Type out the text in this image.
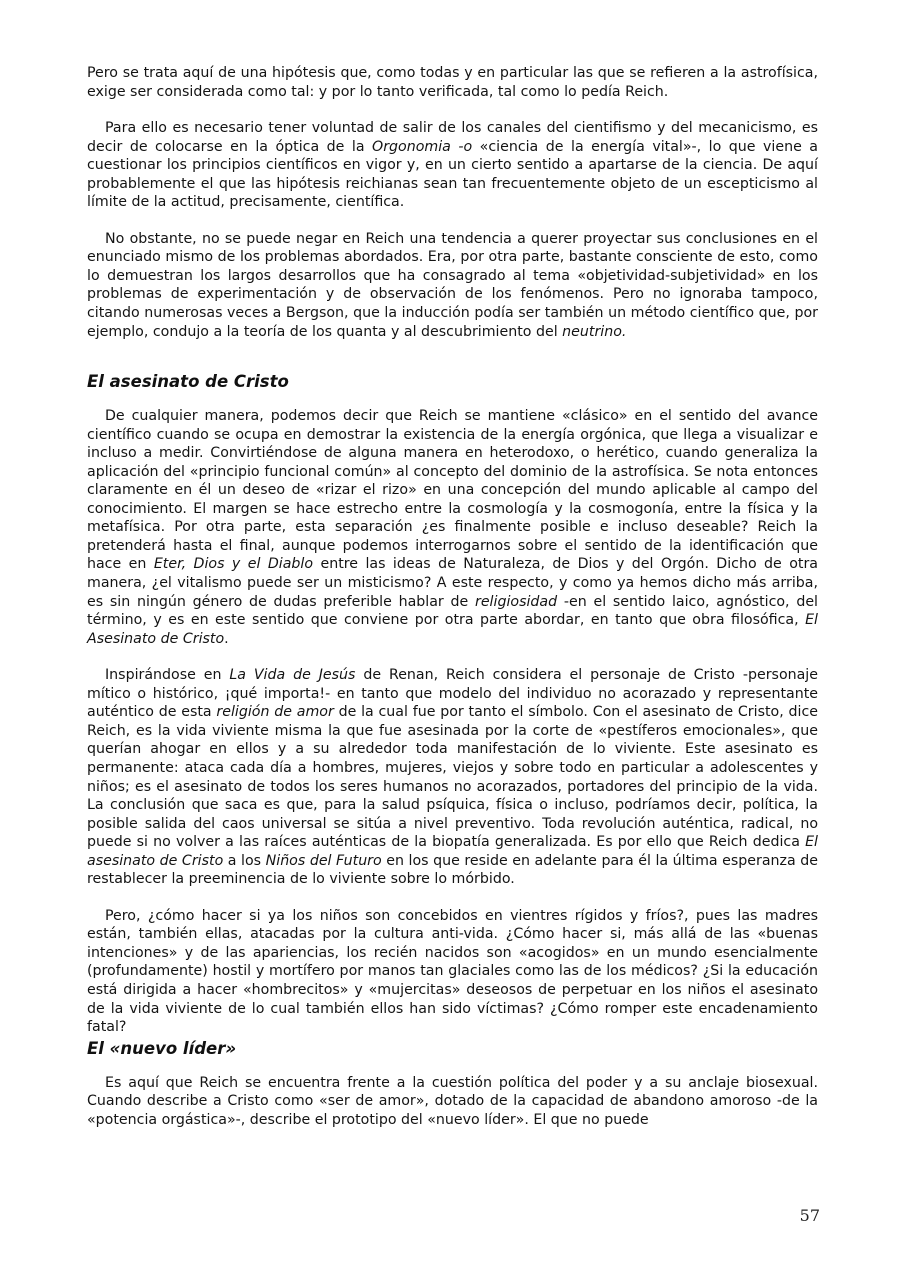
Pero se trata aquí de una hipótesis que, como todas y en particular las que se refieren a la astrofísica, exige ser considerada como tal: y por lo tanto verificada, tal como lo pedía Reich.

Para ello es necesario tener voluntad de salir de los canales del cientifismo y del mecanicismo, es decir de colocarse en la óptica de la Orgonomia -o «ciencia de la energía vital»-, lo que viene a cuestionar los principios científicos en vigor y, en un cierto sentido a apartarse de la ciencia. De aquí probablemente el que las hipótesis reichianas sean tan frecuentemente objeto de un escepticismo al límite de la actitud, precisamente, científica.

No obstante, no se puede negar en Reich una tendencia a querer proyectar sus conclusiones en el enunciado mismo de los problemas abordados. Era, por otra parte, bastante consciente de esto, como lo demuestran los largos desarrollos que ha consagrado al tema «objetividad-subjetividad» en los problemas de experimentación y de observación de los fenómenos. Pero no ignoraba tampoco, citando numerosas veces a Bergson, que la inducción podía ser también un método científico que, por ejemplo, condujo a la teoría de los quanta y al descubrimiento del neutrino.

El asesinato de Cristo

De cualquier manera, podemos decir que Reich se mantiene «clásico» en el sentido del avance científico cuando se ocupa en demostrar la existencia de la energía orgónica, que llega a visualizar e incluso a medir. Convirtiéndose de alguna manera en heterodoxo, o herético, cuando generaliza la aplicación del «principio funcional común» al concepto del dominio de la astrofísica. Se nota entonces claramente en él un deseo de «rizar el rizo» en una concepción del mundo aplicable al campo del conocimiento. El margen se hace estrecho entre la cosmología y la cosmogonía, entre la física y la metafísica. Por otra parte, esta separación ¿es finalmente posible e incluso deseable? Reich la pretenderá hasta el final, aunque podemos interrogarnos sobre el sentido de la identificación que hace en Eter, Dios y el Diablo entre las ideas de Naturaleza, de Dios y del Orgón. Dicho de otra manera, ¿el vitalismo puede ser un misticismo? A este respecto, y como ya hemos dicho más arriba, es sin ningún género de dudas preferible hablar de religiosidad -en el sentido laico, agnóstico, del término, y es en este sentido que conviene por otra parte abordar, en tanto que obra filosófica, El Asesinato de Cristo.

Inspirándose en La Vida de Jesús de Renan, Reich considera el personaje de Cristo -personaje mítico o histórico, ¡qué importa!- en tanto que modelo del individuo no acorazado y representante auténtico de esta religión de amor de la cual fue por tanto el símbolo. Con el asesinato de Cristo, dice Reich, es la vida viviente misma la que fue asesinada por la corte de «pestíferos emocionales», que querían ahogar en ellos y a su alrededor toda manifestación de lo viviente. Este asesinato es permanente: ataca cada día a hombres, mujeres, viejos y sobre todo en particular a adolescentes y niños; es el asesinato de todos los seres humanos no acorazados, portadores del principio de la vida. La conclusión que saca es que, para la salud psíquica, física o incluso, podríamos decir, política, la posible salida del caos universal se sitúa a nivel preventivo. Toda revolución auténtica, radical, no puede si no volver a las raíces auténticas de la biopatía generalizada. Es por ello que Reich dedica El asesinato de Cristo a los Niños del Futuro en los que reside en adelante para él la última esperanza de restablecer la preeminencia de lo viviente sobre lo mórbido.

Pero, ¿cómo hacer si ya los niños son concebidos en vientres rígidos y fríos?, pues las madres están, también ellas, atacadas por la cultura anti-vida. ¿Cómo hacer si, más allá de las «buenas intenciones» y de las apariencias, los recién nacidos son «acogidos» en un mundo esencialmente (profundamente) hostil y mortífero por manos tan glaciales como las de los médicos? ¿Si la educación está dirigida a hacer «hombrecitos» y «mujercitas» deseosos de perpetuar en los niños el asesinato de la vida viviente de lo cual también ellos han sido víctimas? ¿Cómo romper este encadenamiento fatal?

El «nuevo líder»

Es aquí que Reich se encuentra frente a la cuestión política del poder y a su anclaje biosexual. Cuando describe a Cristo como «ser de amor», dotado de la capacidad de abandono amoroso -de la «potencia orgástica»-, describe el prototipo del «nuevo líder». El que no puede

57
